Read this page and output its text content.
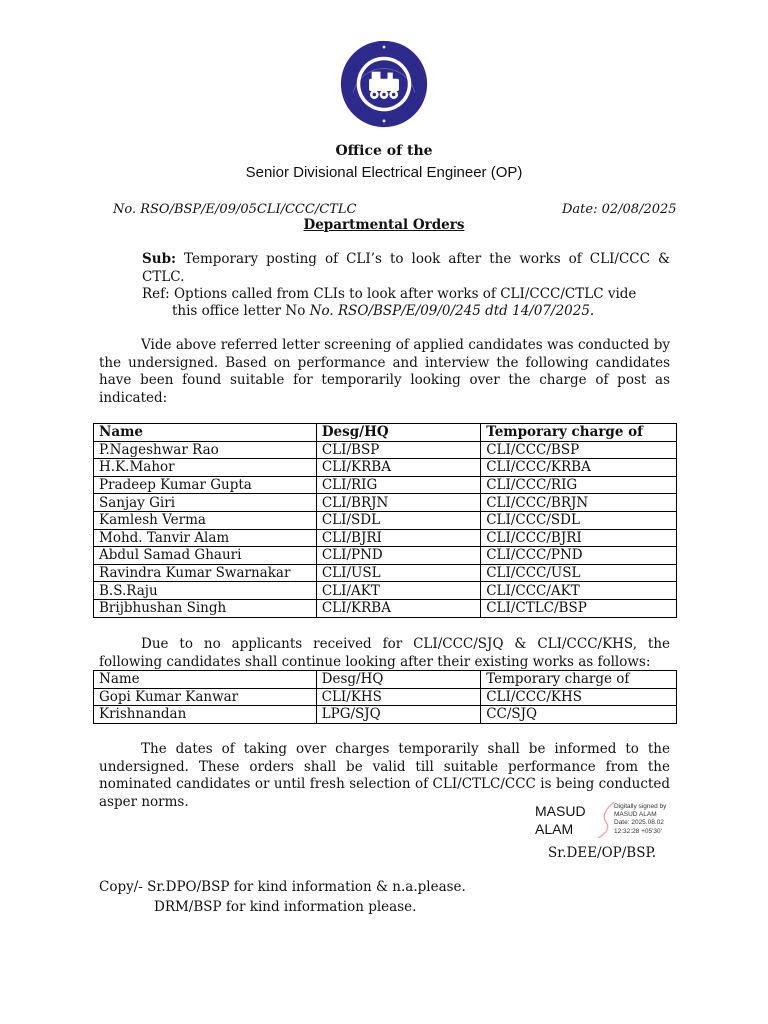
Office of the
Senior Divisional Electrical Engineer (OP)
No. RSO/BSP/E/09/05CLI/CCC/CTLC	Date: 02/08/2025
Departmental Orders
Sub: Temporary posting of CLI’s to look after the works of CLI/CCC & CTLC.
Ref: Options called from CLIs to look after works of CLI/CCC/CTLC vide
this office letter No No. RSO/BSP/E/09/0/245 dtd 14/07/2025.
Vide above referred letter screening of applied candidates was conducted by the undersigned. Based on performance and interview the following candidates have been found suitable for temporarily looking over the charge of post as indicated:
Name	Desg/HQ	Temporary charge of
P.Nageshwar Rao	CLI/BSP	CLI/CCC/BSP
H.K.Mahor	CLI/KRBA	CLI/CCC/KRBA
Pradeep Kumar Gupta	CLI/RIG	CLI/CCC/RIG
Sanjay Giri	CLI/BRJN	CLI/CCC/BRJN
Kamlesh Verma	CLI/SDL	CLI/CCC/SDL
Mohd. Tanvir Alam	CLI/BJRI	CLI/CCC/BJRI
Abdul Samad Ghauri	CLI/PND	CLI/CCC/PND
Ravindra Kumar Swarnakar	CLI/USL	CLI/CCC/USL
B.S.Raju	CLI/AKT	CLI/CCC/AKT
Brijbhushan Singh	CLI/KRBA	CLI/CTLC/BSP
Due to no applicants received for CLI/CCC/SJQ & CLI/CCC/KHS, the following candidates shall continue looking after their existing works as follows:
Name	Desg/HQ	Temporary charge of
Gopi Kumar Kanwar	CLI/KHS	CLI/CCC/KHS
Krishnandan	LPG/SJQ	CC/SJQ
The dates of taking over charges temporarily shall be informed to the undersigned. These orders shall be valid till suitable performance from the nominated candidates or until fresh selection of CLI/CTLC/CCC is being conducted asper norms.
MASUD
ALAM
Digitally signed by
MASUD ALAM
Date: 2025.08.02
12:32:28 +05'30'
Sr.DEE/OP/BSP.
Copy/- Sr.DPO/BSP for kind information & n.a.please.
DRM/BSP for kind information please.
